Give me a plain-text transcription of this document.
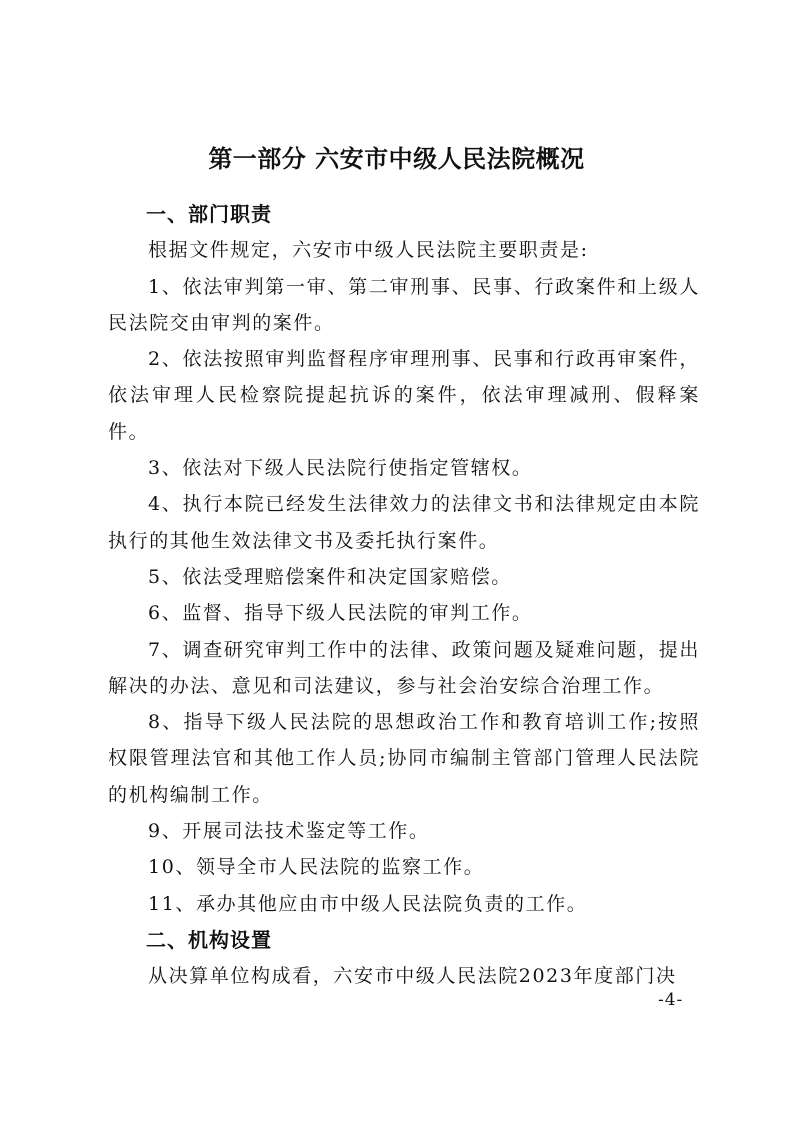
第一部分 六安市中级人民法院概况
一、部门职责

根据文件规定，六安市中级人民法院主要职责是:

1、依法审判第一审、第二审刑事、民事、行政案件和上级人民法院交由审判的案件。

2、依法按照审判监督程序审理刑事、民事和行政再审案件，依法审理人民检察院提起抗诉的案件，依法审理减刑、假释案件。

3、依法对下级人民法院行使指定管辖权。

4、执行本院已经发生法律效力的法律文书和法律规定由本院执行的其他生效法律文书及委托执行案件。

5、依法受理赔偿案件和决定国家赔偿。

6、监督、指导下级人民法院的审判工作。

7、调查研究审判工作中的法律、政策问题及疑难问题，提出解决的办法、意见和司法建议，参与社会治安综合治理工作。

8、指导下级人民法院的思想政治工作和教育培训工作;按照权限管理法官和其他工作人员;协同市编制主管部门管理人民法院的机构编制工作。

9、开展司法技术鉴定等工作。

10、领导全市人民法院的监察工作。

11、承办其他应由市中级人民法院负责的工作。

二、机构设置

从决算单位构成看，六安市中级人民法院2023年度部门决

-4-
